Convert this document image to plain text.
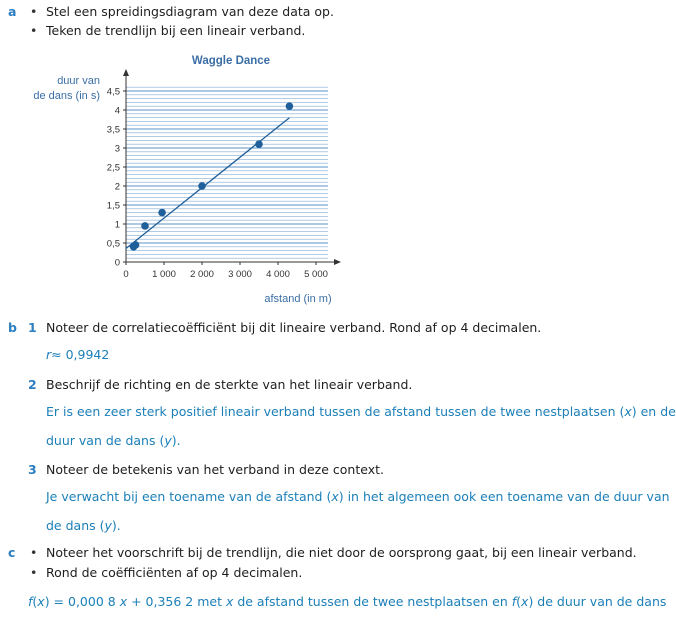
a • Stel een spreidingsdiagram van deze data op.
• Teken de trendlijn bij een lineair verband.
Waggle Dance
duur van
de dans (in s)
afstand (in m)
0
0,5
1
1,5
2
2,5
3
3,5
4
4,5
0 1 000 2 000 3 000 4 000 5 000
b 1 Noteer de correlatiecoëfficiënt bij dit lineaire verband. Rond af op 4 decimalen.
r≈ 0,9942
2 Beschrijf de richting en de sterkte van het lineair verband.
Er is een zeer sterk positief lineair verband tussen de afstand tussen de twee nestplaatsen (x) en de
duur van de dans (y).
3 Noteer de betekenis van het verband in deze context.
Je verwacht bij een toename van de afstand (x) in het algemeen ook een toename van de duur van
de dans (y).
c • Noteer het voorschrift bij de trendlijn, die niet door de oorsprong gaat, bij een lineair verband.
• Rond de coëfficiënten af op 4 decimalen.
f(x) = 0,000 8 x + 0,356 2 met x de afstand tussen de twee nestplaatsen en f(x) de duur van de dans
